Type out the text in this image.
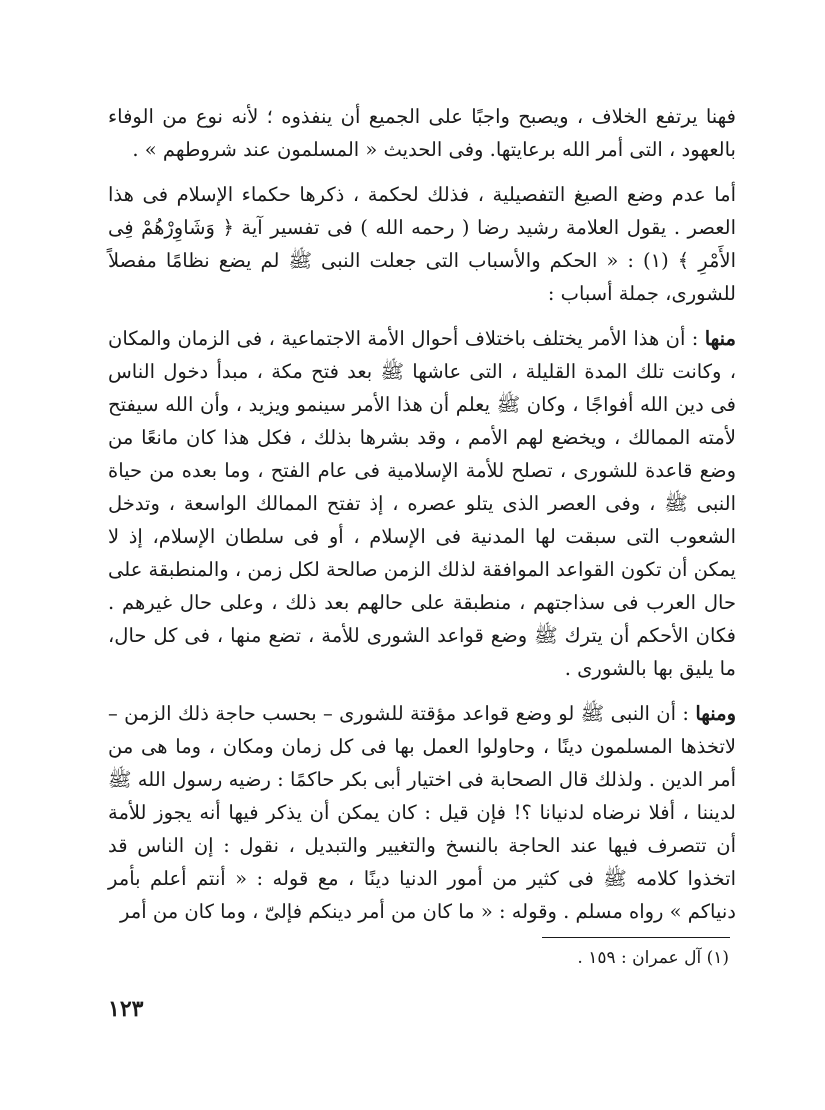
فهنا يرتفع الخلاف ، ويصبح واجبًا على الجميع أن ينفذوه ؛ لأنه نوع من الوفاء بالعهود ، التى أمر الله برعايتها. وفى الحديث « المسلمون عند شروطهم » .

أما عدم وضع الصيغ التفصيلية ، فذلك لحكمة ، ذكرها حكماء الإسلام فى هذا العصر . يقول العلامة رشيد رضا ( رحمه الله ) فى تفسير آية ﴿ وَشَاوِرْهُمْ فِى الأَمْرِ ﴾ (١) : « الحكم والأسباب التى جعلت النبى ﷺ لم يضع نظامًا مفصلاً للشورى، جملة أسباب :

منها : أن هذا الأمر يختلف باختلاف أحوال الأمة الاجتماعية ، فى الزمان والمكان ، وكانت تلك المدة القليلة ، التى عاشها ﷺ بعد فتح مكة ، مبدأ دخول الناس فى دين الله أفواجًا ، وكان ﷺ يعلم أن هذا الأمر سينمو ويزيد ، وأن الله سيفتح لأمته الممالك ، ويخضع لهم الأمم ، وقد بشرها بذلك ، فكل هذا كان مانعًا من وضع قاعدة للشورى ، تصلح للأمة الإسلامية فى عام الفتح ، وما بعده من حياة النبى ﷺ ، وفى العصر الذى يتلو عصره ، إذ تفتح الممالك الواسعة ، وتدخل الشعوب التى سبقت لها المدنية فى الإسلام ، أو فى سلطان الإسلام، إذ لا يمكن أن تكون القواعد الموافقة لذلك الزمن صالحة لكل زمن ، والمنطبقة على حال العرب فى سذاجتهم ، منطبقة على حالهم بعد ذلك ، وعلى حال غيرهم . فكان الأحكم أن يترك ﷺ وضع قواعد الشورى للأمة ، تضع منها ، فى كل حال، ما يليق بها بالشورى .

ومنها : أن النبى ﷺ لو وضع قواعد مؤقتة للشورى – بحسب حاجة ذلك الزمن – لاتخذها المسلمون دينًا ، وحاولوا العمل بها فى كل زمان ومكان ، وما هى من أمر الدين . ولذلك قال الصحابة فى اختيار أبى بكر حاكمًا : رضيه رسول الله ﷺ لديننا ، أفلا نرضاه لدنيانا ؟! فإن قيل : كان يمكن أن يذكر فيها أنه يجوز للأمة أن تتصرف فيها عند الحاجة بالنسخ والتغيير والتبديل ، نقول : إن الناس قد اتخذوا كلامه ﷺ فى كثير من أمور الدنيا دينًا ، مع قوله : « أنتم أعلم بأمر دنياكم » رواه مسلم . وقوله : « ما كان من أمر دينكم فإلىّ ، وما كان من أمر

(١) آل عمران : ١٥٩ .
١٢٣
